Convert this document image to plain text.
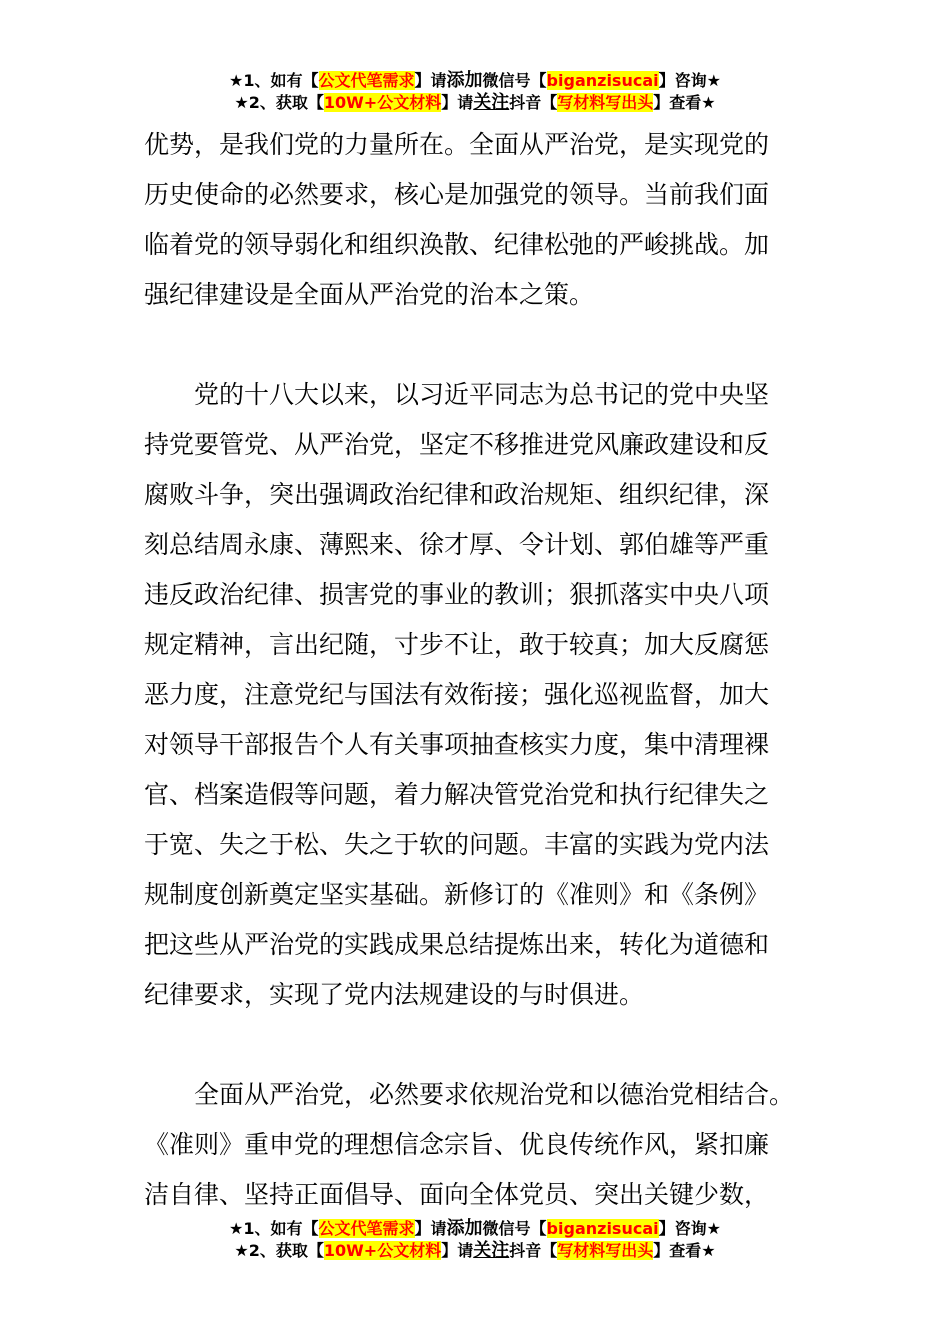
★1、如有【公文代笔需求】请添加微信号【biganzisucai】咨询★
★2、获取【10W+公文材料】请关注抖音【写材料写出头】查看★
优势，是我们党的力量所在。全面从严治党，是实现党的
历史使命的必然要求，核心是加强党的领导。当前我们面
临着党的领导弱化和组织涣散、纪律松弛的严峻挑战。加
强纪律建设是全面从严治党的治本之策。
　　党的十八大以来，以习近平同志为总书记的党中央坚
持党要管党、从严治党，坚定不移推进党风廉政建设和反
腐败斗争，突出强调政治纪律和政治规矩、组织纪律，深
刻总结周永康、薄熙来、徐才厚、令计划、郭伯雄等严重
违反政治纪律、损害党的事业的教训；狠抓落实中央八项
规定精神，言出纪随，寸步不让，敢于较真；加大反腐惩
恶力度，注意党纪与国法有效衔接；强化巡视监督，加大
对领导干部报告个人有关事项抽查核实力度，集中清理裸
官、档案造假等问题，着力解决管党治党和执行纪律失之
于宽、失之于松、失之于软的问题。丰富的实践为党内法
规制度创新奠定坚实基础。新修订的《准则》和《条例》
把这些从严治党的实践成果总结提炼出来，转化为道德和
纪律要求，实现了党内法规建设的与时俱进。
　　全面从严治党，必然要求依规治党和以德治党相结合。
《准则》重申党的理想信念宗旨、优良传统作风，紧扣廉
洁自律、坚持正面倡导、面向全体党员、突出关键少数，
★1、如有【公文代笔需求】请添加微信号【biganzisucai】咨询★
★2、获取【10W+公文材料】请关注抖音【写材料写出头】查看★
